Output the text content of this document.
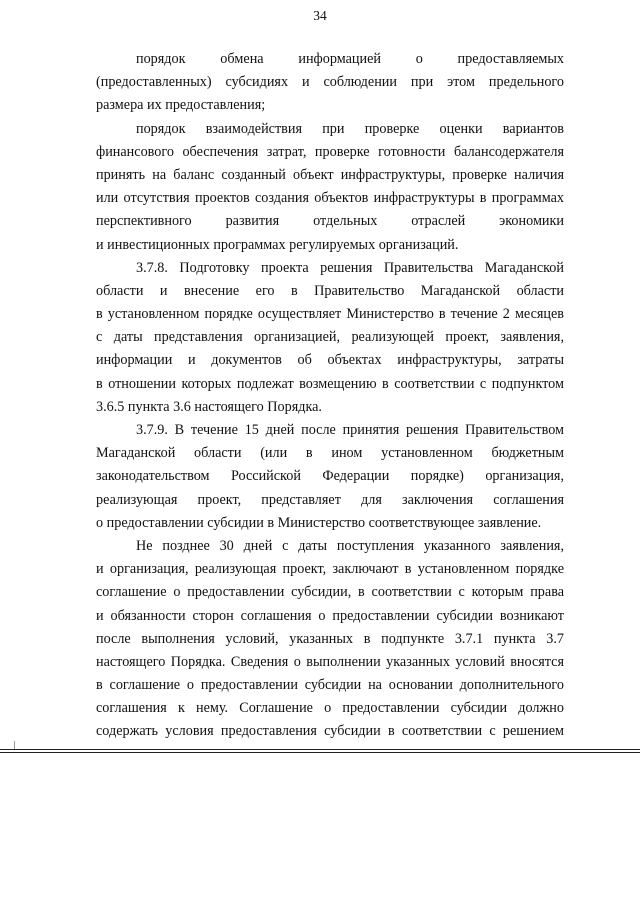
34
порядок обмена информацией о предоставляемых
(предоставленных) субсидиях и соблюдении при этом предельного
размера их предоставления;
порядок взаимодействия при проверке оценки вариантов
финансового обеспечения затрат, проверке готовности балансодержателя
принять на баланс созданный объект инфраструктуры, проверке наличия
или отсутствия проектов создания объектов инфраструктуры в программах
перспективного развития отдельных отраслей экономики
и инвестиционных программах регулируемых организаций.
3.7.8. Подготовку проекта решения Правительства Магаданской
области и внесение его в Правительство Магаданской области
в установленном порядке осуществляет Министерство в течение 2 месяцев
с даты представления организацией, реализующей проект, заявления,
информации и документов об объектах инфраструктуры, затраты
в отношении которых подлежат возмещению в соответствии с подпунктом
3.6.5 пункта 3.6 настоящего Порядка.
3.7.9. В течение 15 дней после принятия решения Правительством
Магаданской области (или в ином установленном бюджетным
законодательством Российской Федерации порядке) организация,
реализующая проект, представляет для заключения соглашения
о предоставлении субсидии в Министерство соответствующее заявление.
Не позднее 30 дней с даты поступления указанного заявления,
и организация, реализующая проект, заключают в установленном порядке
соглашение о предоставлении субсидии, в соответствии с которым права
и обязанности сторон соглашения о предоставлении субсидии возникают
после выполнения условий, указанных в подпункте 3.7.1 пункта 3.7
настоящего Порядка. Сведения о выполнении указанных условий вносятся
в соглашение о предоставлении субсидии на основании дополнительного
соглашения к нему. Соглашение о предоставлении субсидии должно
содержать условия предоставления субсидии в соответствии с решением
